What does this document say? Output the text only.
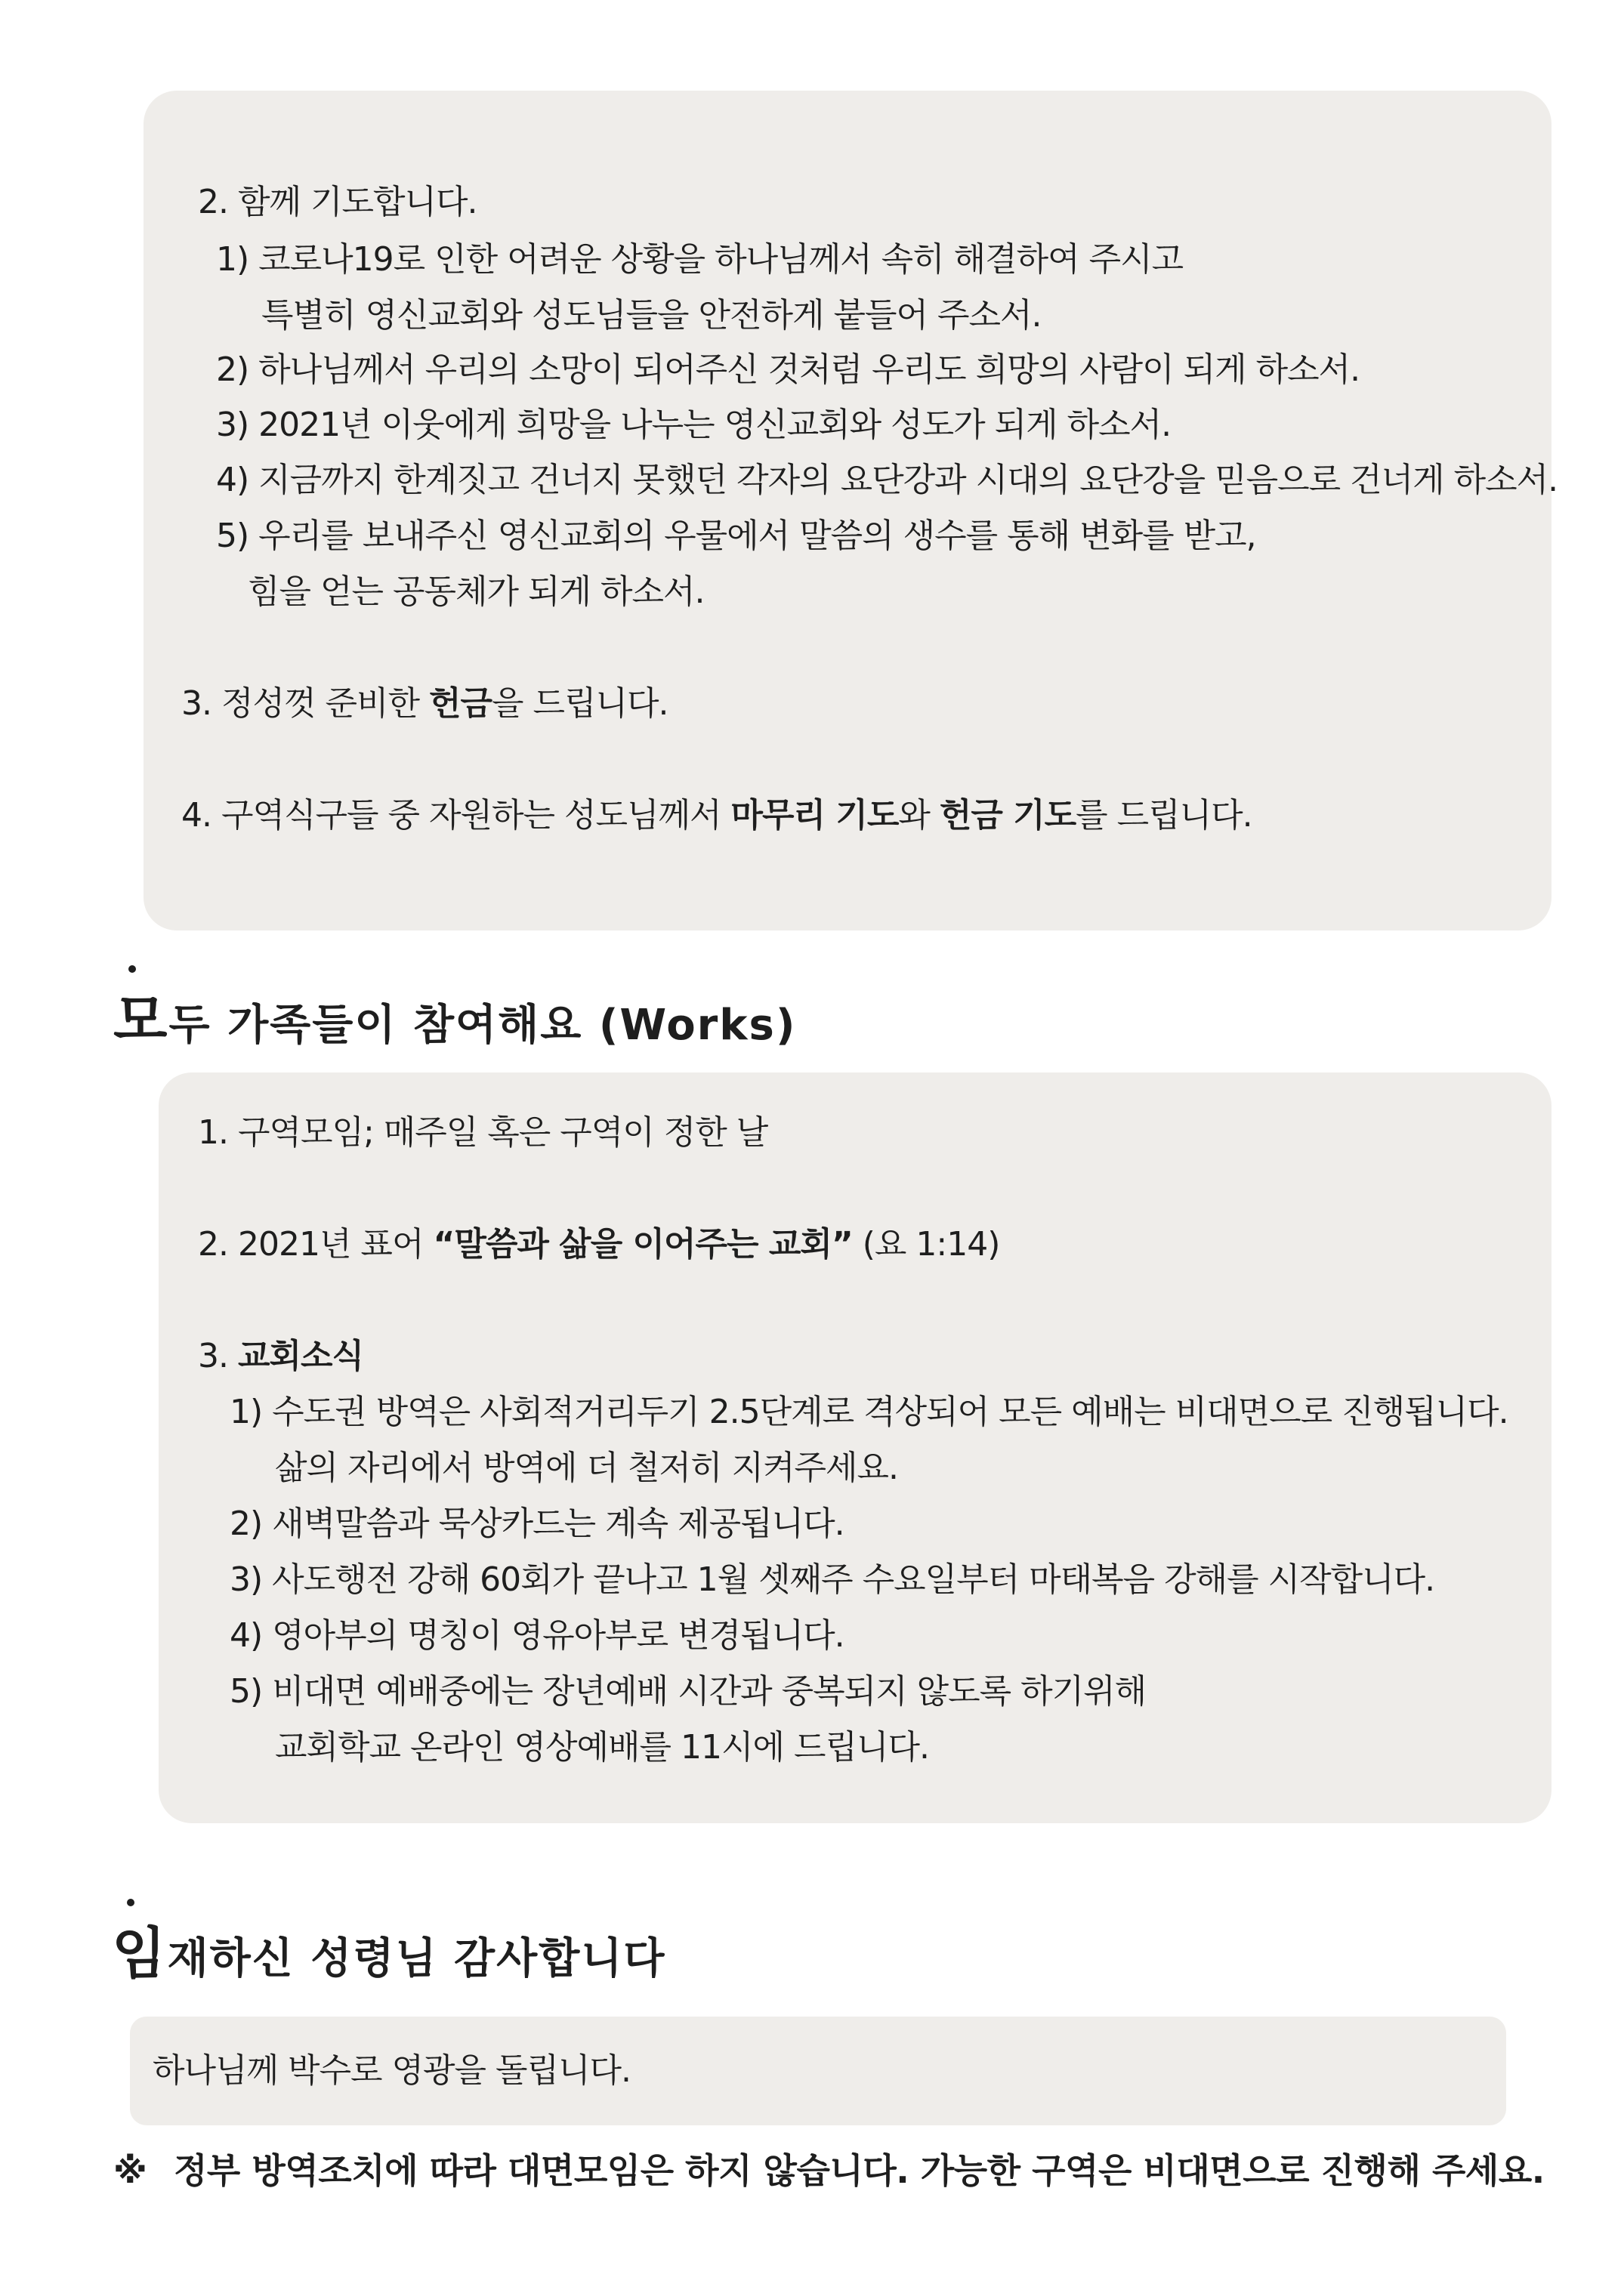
2. 함께 기도합니다.
1) 코로나19로 인한 어려운 상황을 하나님께서 속히 해결하여 주시고
특별히 영신교회와 성도님들을 안전하게 붙들어 주소서.
2) 하나님께서 우리의 소망이 되어주신 것처럼 우리도 희망의 사람이 되게 하소서.
3) 2021년 이웃에게 희망을 나누는 영신교회와 성도가 되게 하소서.
4) 지금까지 한계짓고 건너지 못했던 각자의 요단강과 시대의 요단강을 믿음으로 건너게 하소서.
5) 우리를 보내주신 영신교회의 우물에서 말씀의 생수를 통해 변화를 받고,
힘을 얻는 공동체가 되게 하소서.
3. 정성껏 준비한 헌금을 드립니다.
4. 구역식구들 중 자원하는 성도님께서 마무리 기도와 헌금 기도를 드립니다.
모두 가족들이 참여해요 (Works)
1. 구역모임; 매주일 혹은 구역이 정한 날
2. 2021년 표어 “말씀과 삶을 이어주는 교회” (요 1:14)
3. 교회소식
1) 수도권 방역은 사회적거리두기 2.5단계로 격상되어 모든 예배는 비대면으로 진행됩니다.
삶의 자리에서 방역에 더 철저히 지켜주세요.
2) 새벽말씀과 묵상카드는 계속 제공됩니다.
3) 사도행전 강해 60회가 끝나고 1월 셋째주 수요일부터 마태복음 강해를 시작합니다.
4) 영아부의 명칭이 영유아부로 변경됩니다.
5) 비대면 예배중에는 장년예배 시간과 중복되지 않도록 하기위해
교회학교 온라인 영상예배를 11시에 드립니다.
임재하신 성령님 감사합니다
하나님께 박수로 영광을 돌립니다.
※ 정부 방역조치에 따라 대면모임은 하지 않습니다. 가능한 구역은 비대면으로 진행해 주세요.
